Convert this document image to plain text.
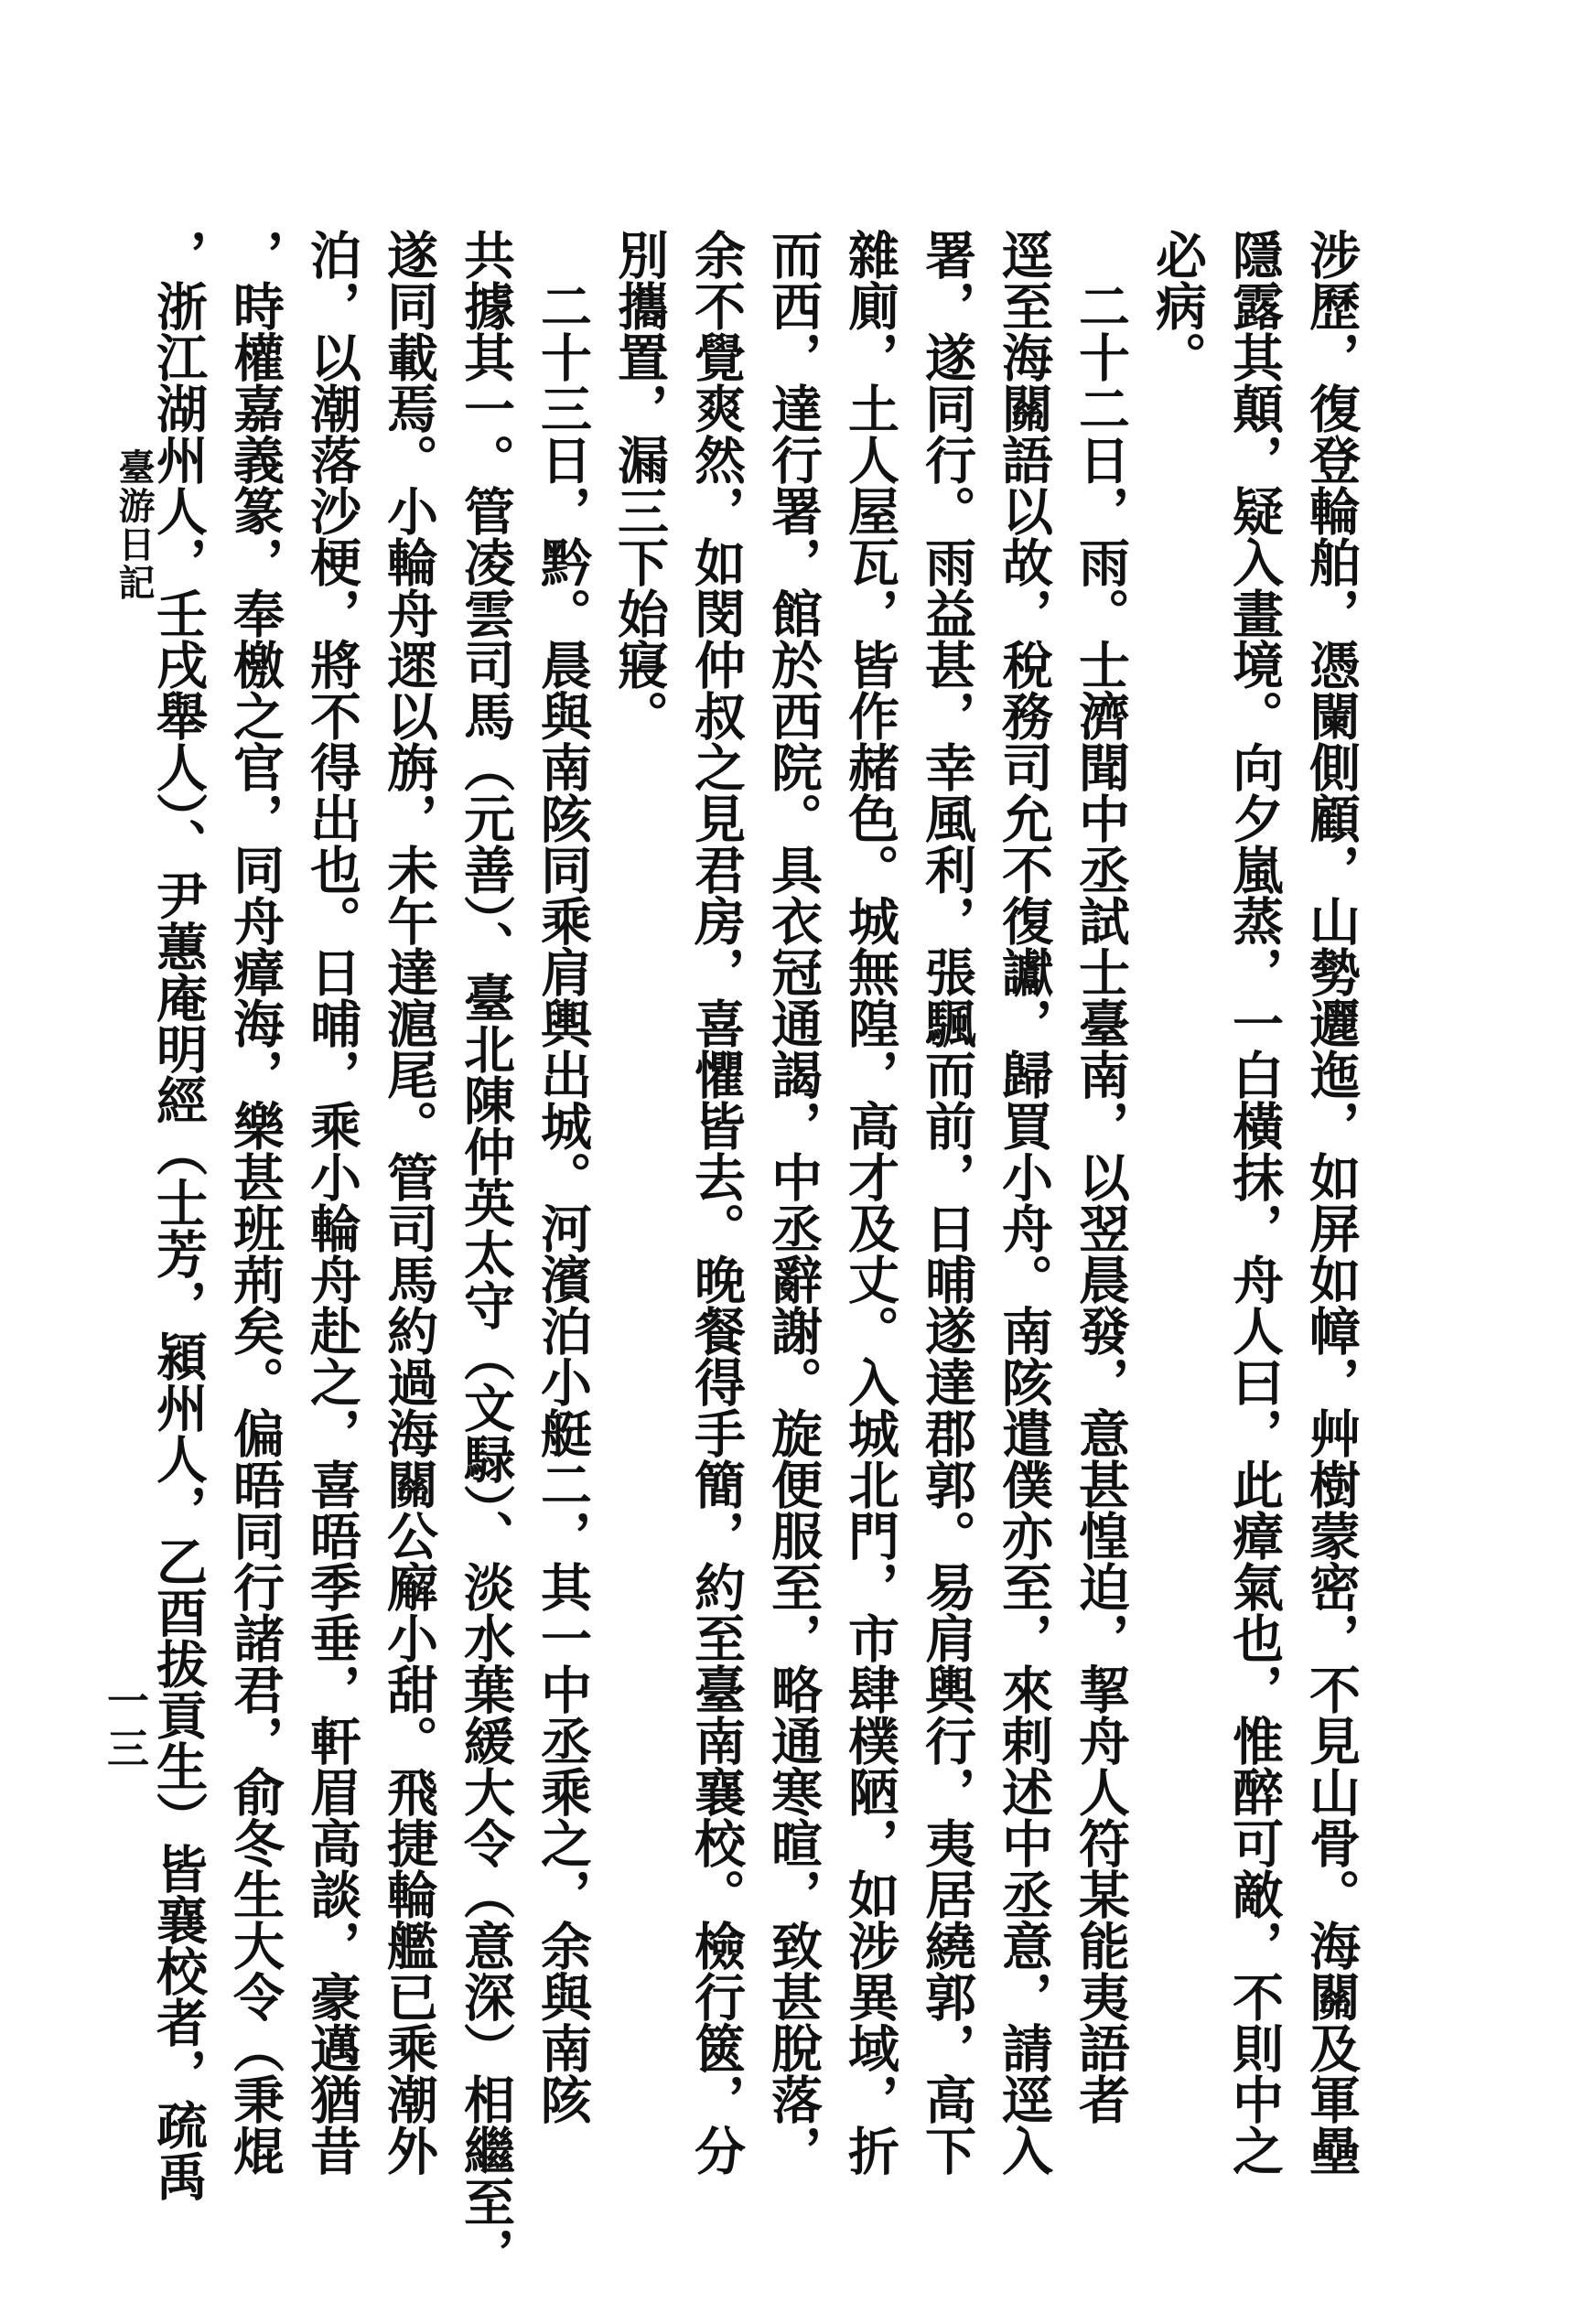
涉歷，復登輪舶，憑闌側顧，山勢邐迤，如屏如幛，艸樹蒙密，不見山骨。海關及軍壘
隱露其顛，疑入畫境。向夕嵐蒸，一白橫抹，舟人曰，此瘴氣也，惟醉可敵，不則中之
必病。
　二十二日，雨。士濟聞中丞試士臺南，以翌晨發，意甚惶迫，挈舟人符某能夷語者
逕至海關語以故，稅務司允不復讞，歸買小舟。南陔遣僕亦至，來剌述中丞意，請逕入
署，遂同行。雨益甚，幸風利，張颿而前，日晡遂達郡郭。易肩輿行，夷居繞郭，高下
雜廁，土人屋瓦，皆作赭色。城無隍，高才及丈。入城北門，市肆樸陋，如涉異域，折
而西，達行署，館於西院。具衣冠通謁，中丞辭謝。旋便服至，略通寒暄，致甚脫落，
余不覺爽然，如閔仲叔之見君房，喜懼皆去。晚餐得手簡，約至臺南襄校。檢行篋，分
別攜置，漏三下始寢。
　二十三日，黔。晨與南陔同乘肩輿出城。河濱泊小艇二，其一中丞乘之，余與南陔
共據其一。管凌雲司馬（元善）、臺北陳仲英太守（文騄）、淡水葉緩大令（意深）相繼至，
遂同載焉。小輪舟遝以旃，未午達滬尾。管司馬約過海關公廨小甜。飛捷輪艦已乘潮外
泊，以潮落沙梗，將不得出也。日晡，乘小輪舟赴之，喜晤季垂，軒眉高談，豪邁猶昔
，時權嘉義篆，奉檄之官，同舟瘴海，樂甚班荊矣。偏晤同行諸君，俞冬生大令（秉焜
，浙江湖州人，壬戌舉人）、尹蕙庵明經（士芳，潁州人，乙酉拔貢生）皆襄校者，疏禹
臺游日記
一三
